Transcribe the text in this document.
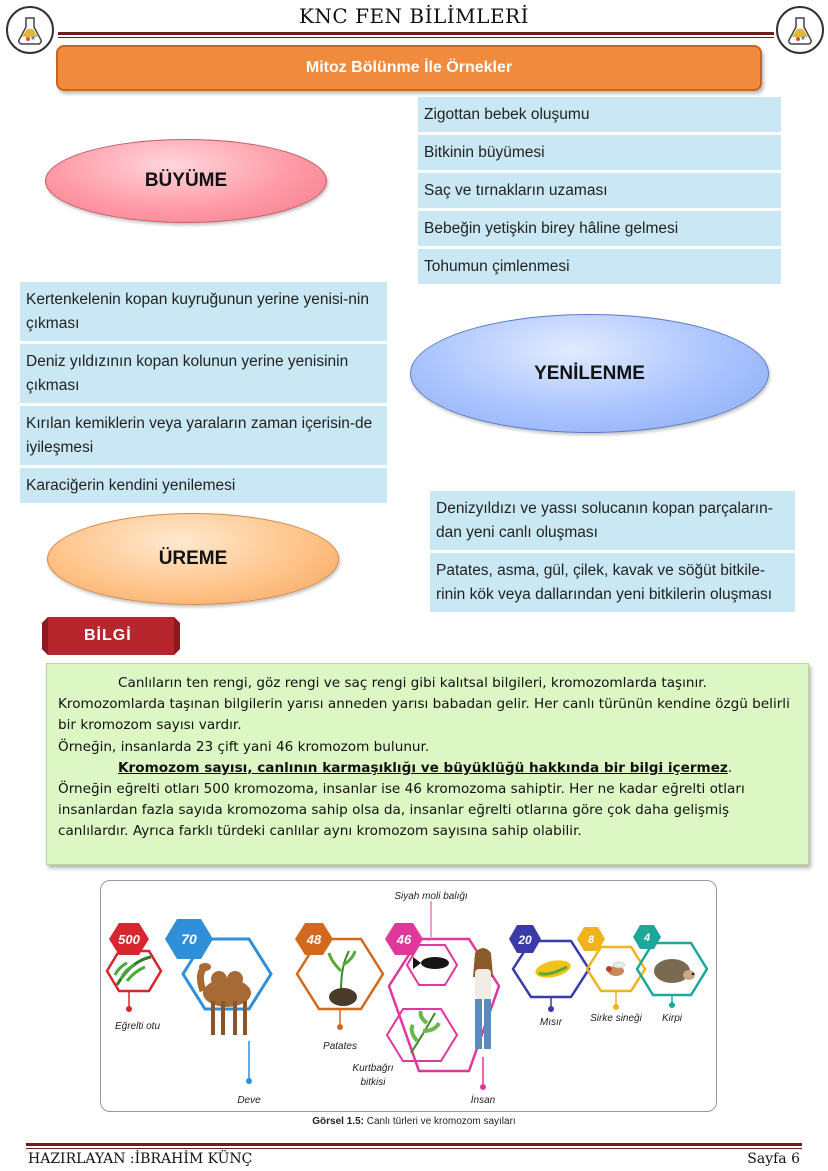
KNC FEN BİLİMLERİ
Mitoz Bölünme İle Örnekler
BÜYÜME
Zigottan bebek oluşumu
Bitkinin büyümesi
Saç ve tırnakların uzaması
Bebeğin yetişkin birey hâline gelmesi
Tohumun çimlenmesi
Kertenkelenin kopan kuyruğunun yerine yenisi-nin çıkması
Deniz yıldızının kopan kolunun yerine yenisinin çıkması
Kırılan kemiklerin veya yaraların zaman içerisin-de iyileşmesi
Karaciğerin kendini yenilemesi
YENİLENME
ÜREME
Denizyıldızı ve yassı solucanın kopan parçaların-dan yeni canlı oluşması
Patates, asma, gül, çilek, kavak ve söğüt bitkile-rinin kök veya dallarından yeni bitkilerin oluşması
BİLGİ

Canlıların ten rengi, göz rengi ve saç rengi gibi kalıtsal bilgileri, kromozomlarda taşınır.

Kromozomlarda taşınan bilgilerin yarısı anneden yarısı babadan gelir. Her canlı türünün kendine özgü belirli bir kromozom sayısı vardır.

Örneğin, insanlarda 23 çift yani 46 kromozom bulunur.

Kromozom sayısı, canlının karmaşıklığı ve büyüklüğü hakkında bir bilgi içermez.

Örneğin eğrelti otları 500 kromozoma, insanlar ise 46 kromozoma sahiptir. Her ne kadar eğrelti otları insanlardan fazla sayıda kromozoma sahip olsa da, insanlar eğrelti otlarına göre çok daha gelişmiş canlılardır. Ayrıca farklı türdeki canlılar aynı kromozom sayısına sahip olabilir.

500	70	48	46	20	8	4
Eğrelti otu
Deve
Patates
İnsan
Mısır	Sirke sineği Kirpi
Siyah moli balığı
Kurtbağrı
bitkisi
Görsel 1.5: Canlı türleri ve kromozom sayıları
HAZIRLAYAN :İBRAHİM KÜNÇ	Sayfa 6
